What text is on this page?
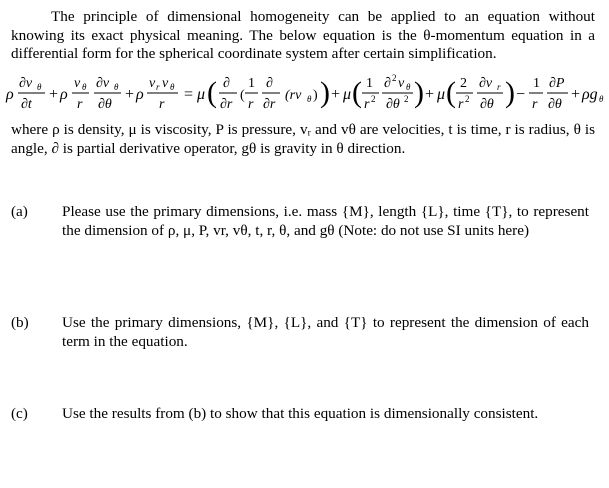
The principle of dimensional homogeneity can be applied to an equation without knowing its exact physical meaning. The below equation is the θ-momentum equation in a differential form for the spherical coordinate system after certain simplification.
ρ
∂v θ
∂t
+ ρ
v θ
r
∂v θ
∂θ
+ ρ
v r v θ
r
= μ ( ∂
∂r
(
1
r
∂
∂r
(rv θ ) ) + μ ( 1
r 2
∂ 2 v θ
∂θ 2 ) + μ ( 2
r 2
∂v r
∂θ ) −
1
r
∂P
∂θ
+ ρg θ
where ρ is density, μ is viscosity, P is pressure, vᵣ and vθ are velocities, t is time, r is radius, θ is angle, ∂ is partial derivative operator, gθ is gravity in θ direction.
(a)	Please use the primary dimensions, i.e. mass {M}, length {L}, time {T}, to represent the dimension of ρ, μ, P, vr, vθ, t, r, θ, and gθ (Note: do not use SI units here)
(b)	Use the primary dimensions, {M}, {L}, and {T} to represent the dimension of each term in the equation.
(c)	Use the results from (b) to show that this equation is dimensionally consistent.
